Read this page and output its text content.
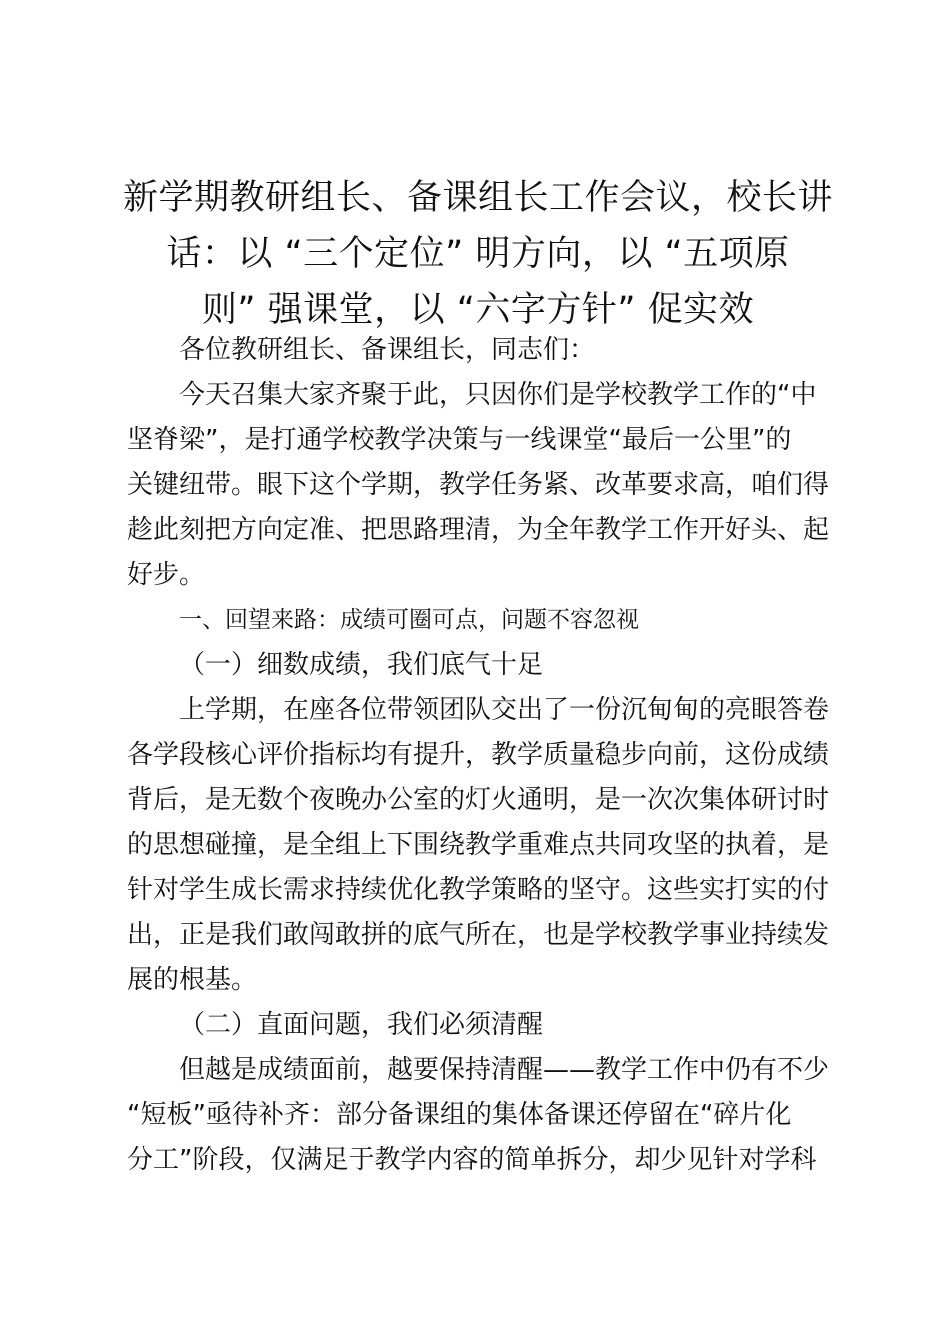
新学期教研组长、备课组长工作会议，校长讲
话：以 “三个定位” 明方向，以 “五项原
则” 强课堂，以 “六字方针” 促实效

各位教研组长、备课组长，同志们：

今天召集大家齐聚于此，只因你们是学校教学工作的“中
坚脊梁”，是打通学校教学决策与一线课堂“最后一公里”的
关键纽带。眼下这个学期，教学任务紧、改革要求高，咱们得
趁此刻把方向定准、把思路理清，为全年教学工作开好头、起
好步。

一、回望来路：成绩可圈可点，问题不容忽视

（一）细数成绩，我们底气十足

上学期，在座各位带领团队交出了一份沉甸甸的亮眼答卷
各学段核心评价指标均有提升，教学质量稳步向前，这份成绩
背后，是无数个夜晚办公室的灯火通明，是一次次集体研讨时
的思想碰撞，是全组上下围绕教学重难点共同攻坚的执着，是
针对学生成长需求持续优化教学策略的坚守。这些实打实的付
出，正是我们敢闯敢拼的底气所在，也是学校教学事业持续发
展的根基。

（二）直面问题，我们必须清醒

但越是成绩面前，越要保持清醒——教学工作中仍有不少
“短板”亟待补齐：部分备课组的集体备课还停留在“碎片化
分工”阶段，仅满足于教学内容的简单拆分，却少见针对学科
